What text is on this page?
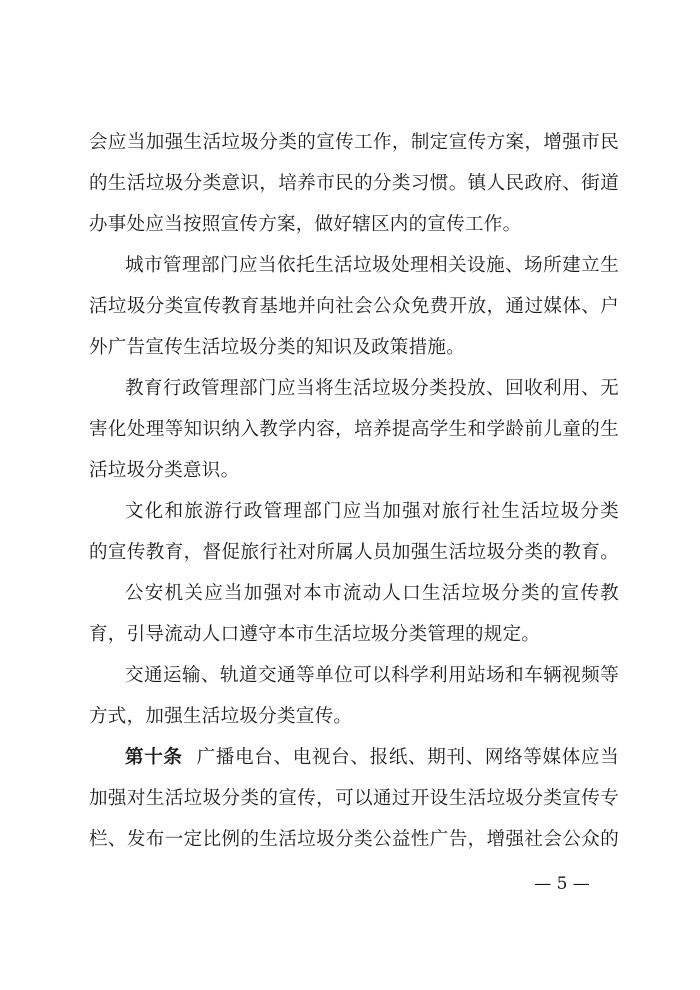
会应当加强生活垃圾分类的宣传工作，制定宣传方案，增强市民
的生活垃圾分类意识，培养市民的分类习惯。镇人民政府、街道
办事处应当按照宣传方案，做好辖区内的宣传工作。
城市管理部门应当依托生活垃圾处理相关设施、场所建立生
活垃圾分类宣传教育基地并向社会公众免费开放，通过媒体、户
外广告宣传生活垃圾分类的知识及政策措施。
教育行政管理部门应当将生活垃圾分类投放、回收利用、无
害化处理等知识纳入教学内容，培养提高学生和学龄前儿童的生
活垃圾分类意识。
文化和旅游行政管理部门应当加强对旅行社生活垃圾分类
的宣传教育，督促旅行社对所属人员加强生活垃圾分类的教育。
公安机关应当加强对本市流动人口生活垃圾分类的宣传教
育，引导流动人口遵守本市生活垃圾分类管理的规定。
交通运输、轨道交通等单位可以科学利用站场和车辆视频等
方式，加强生活垃圾分类宣传。
第十条 广播电台、电视台、报纸、期刊、网络等媒体应当
加强对生活垃圾分类的宣传，可以通过开设生活垃圾分类宣传专
栏、发布一定比例的生活垃圾分类公益性广告，增强社会公众的
— 5 —
